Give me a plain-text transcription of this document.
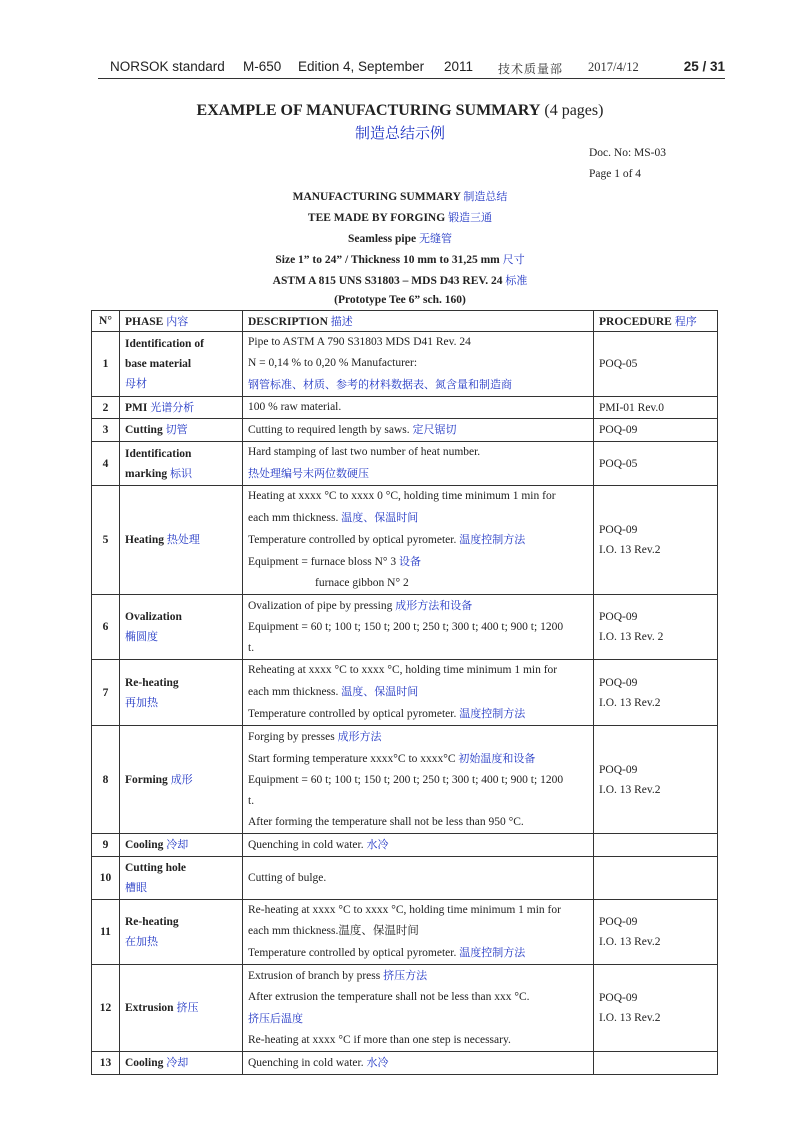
NORSOK standard M-650 Edition 4, September 2011 技术质量部 2017/4/12	25 / 31
EXAMPLE OF MANUFACTURING SUMMARY (4 pages)
制造总结示例
Doc. No: MS-03
Page 1 of 4
MANUFACTURING SUMMARY 制造总结
TEE MADE BY FORGING 锻造三通
Seamless pipe 无缝管
Size 1” to 24” / Thickness 10 mm to 31,25 mm 尺寸
ASTM A 815 UNS S31803 – MDS D43 REV. 24 标准
(Prototype Tee 6” sch. 160)
N°	PHASE 内容	DESCRIPTION 描述	PROCEDURE 程序
1	Identification of
base material
母材	Pipe to ASTM A 790 S31803 MDS D41 Rev. 24
N = 0,14 % to 0,20 % Manufacturer:
钢管标准、材质、参考的材料数据表、氮含量和制造商	POQ-05

2	PMI 光谱分析	100 % raw material.	PMI-01 Rev.0

3	Cutting 切管	Cutting to required length by saws. 定尺锯切	POQ-09

4	Identification
marking 标识	Hard stamping of last two number of heat number.
热处理编号末两位数硬压	POQ-05

5	Heating 热处理	Heating at xxxx °C to xxxx 0 °C, holding time minimum 1 min for
each mm thickness. 温度、保温时间
Temperature controlled by optical pyrometer. 温度控制方法
Equipment = furnace bloss N° 3 设备
furnace gibbon N° 2	POQ-09
I.O. 13 Rev.2

6	Ovalization
椭圆度	Ovalization of pipe by pressing 成形方法和设备
Equipment = 60 t; 100 t; 150 t; 200 t; 250 t; 300 t; 400 t; 900 t; 1200
t.	POQ-09
I.O. 13 Rev. 2

7	Re-heating
再加热	Reheating at xxxx °C to xxxx °C, holding time minimum 1 min for
each mm thickness. 温度、保温时间
Temperature controlled by optical pyrometer. 温度控制方法	POQ-09
I.O. 13 Rev.2

8	Forming 成形	Forging by presses 成形方法
Start forming temperature xxxx°C to xxxx°C 初始温度和设备
Equipment = 60 t; 100 t; 150 t; 200 t; 250 t; 300 t; 400 t; 900 t; 1200
t.
After forming the temperature shall not be less than 950 °C.	POQ-09
I.O. 13 Rev.2

9	Cooling 冷却	Quenching in cold water. 水冷	

10	Cutting hole
槽眼	Cutting of bulge.	

11	Re-heating
在加热	Re-heating at xxxx °C to xxxx °C, holding time minimum 1 min for
each mm thickness.温度、保温时间
Temperature controlled by optical pyrometer. 温度控制方法	POQ-09
I.O. 13 Rev.2

12	Extrusion 挤压	Extrusion of branch by press 挤压方法
After extrusion the temperature shall not be less than xxx °C.
挤压后温度
Re-heating at xxxx °C if more than one step is necessary.	POQ-09
I.O. 13 Rev.2

13	Cooling 冷却	Quenching in cold water. 水冷	
